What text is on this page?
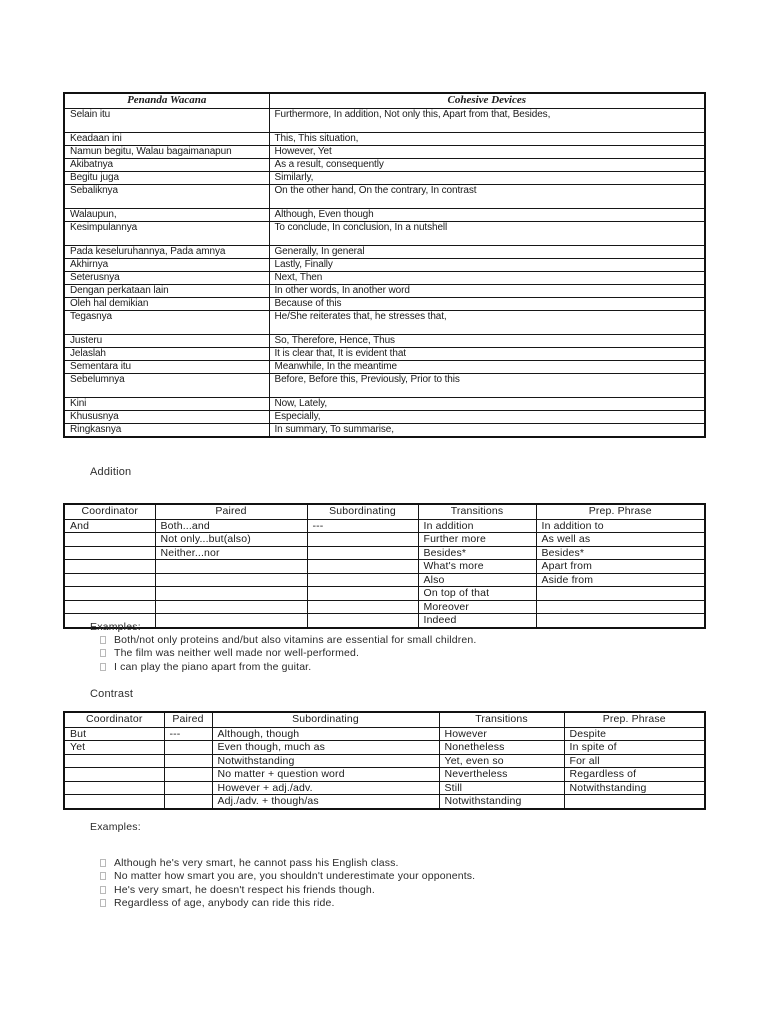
Penanda Wacana	Cohesive Devices
Selain itu	Furthermore, In addition, Not only this, Apart from that, Besides,
Keadaan ini	This, This situation,
Namun begitu, Walau bagaimanapun	However, Yet
Akibatnya	As a result, consequently
Begitu juga	Similarly,
Sebaliknya	On the other hand, On the contrary, In contrast
Walaupun,	Although, Even though
Kesimpulannya	To conclude, In conclusion, In a nutshell
Pada keseluruhannya, Pada amnya	Generally, In general
Akhirnya	Lastly, Finally
Seterusnya	Next, Then
Dengan perkataan lain	In other words, In another word
Oleh hal demikian	Because of this
Tegasnya	He/She reiterates that, he stresses that,
Justeru	So, Therefore, Hence, Thus
Jelaslah	It is clear that, It is evident that
Sementara itu	Meanwhile, In the meantime
Sebelumnya	Before, Before this, Previously, Prior to this
Kini	Now, Lately,
Khususnya	Especially,
Ringkasnya	In summary, To summarise,
Addition
Coordinator	Paired	Subordinating	Transitions	Prep. Phrase
And	Both...and	---	In addition	In addition to
	Not only...but(also)		Further more	As well as
	Neither...nor		Besides*	Besides*
			What's more	Apart from
			Also	Aside from
			On top of that	
			Moreover	
			Indeed	
Examples:
Both/not only proteins and/but also vitamins are essential for small children.
The film was neither well made nor well-performed.
I can play the piano apart from the guitar.
Contrast
Coordinator	Paired	Subordinating	Transitions	Prep. Phrase
But	---	Although, though	However	Despite
Yet		Even though, much as	Nonetheless	In spite of
		Notwithstanding	Yet, even so	For all
		No matter + question word	Nevertheless	Regardless of
		However + adj./adv.	Still	Notwithstanding
		Adj./adv. + though/as	Notwithstanding	
Examples:
Although he's very smart, he cannot pass his English class.
No matter how smart you are, you shouldn't underestimate your opponents.
He's very smart, he doesn't respect his friends though.
Regardless of age, anybody can ride this ride.
